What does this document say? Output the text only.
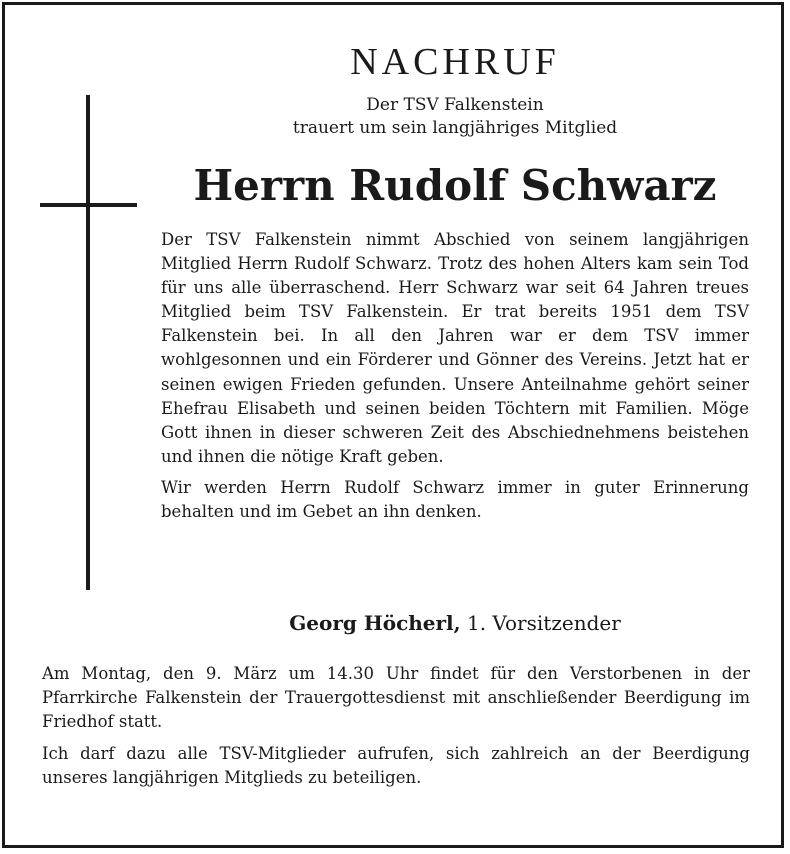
NACHRUF
Der TSV Falkenstein
trauert um sein langjähriges Mitglied
Herrn Rudolf Schwarz

Der TSV Falkenstein nimmt Abschied von seinem langjährigen Mitglied Herrn Rudolf Schwarz. Trotz des hohen Alters kam sein Tod für uns alle überraschend. Herr Schwarz war seit 64 Jahren treues Mitglied beim TSV Falkenstein. Er trat bereits 1951 dem TSV Falkenstein bei. In all den Jahren war er dem TSV immer wohlgesonnen und ein Förderer und Gönner des Vereins. Jetzt hat er seinen ewigen Frieden gefunden. Unsere Anteilnahme gehört seiner Ehefrau Elisabeth und seinen beiden Töchtern mit Familien. Möge Gott ihnen in dieser schweren Zeit des Abschiednehmens beistehen und ihnen die nötige Kraft geben.

Wir werden Herrn Rudolf Schwarz immer in guter Erinnerung behalten und im Gebet an ihn denken.

Georg Höcherl, 1. Vorsitzender

Am Montag, den 9. März um 14.30 Uhr findet für den Verstorbenen in der Pfarrkirche Falkenstein der Trauergottesdienst mit anschließender Beerdigung im Friedhof statt.

Ich darf dazu alle TSV-Mitglieder aufrufen, sich zahlreich an der Beerdigung unseres langjährigen Mitglieds zu beteiligen.
